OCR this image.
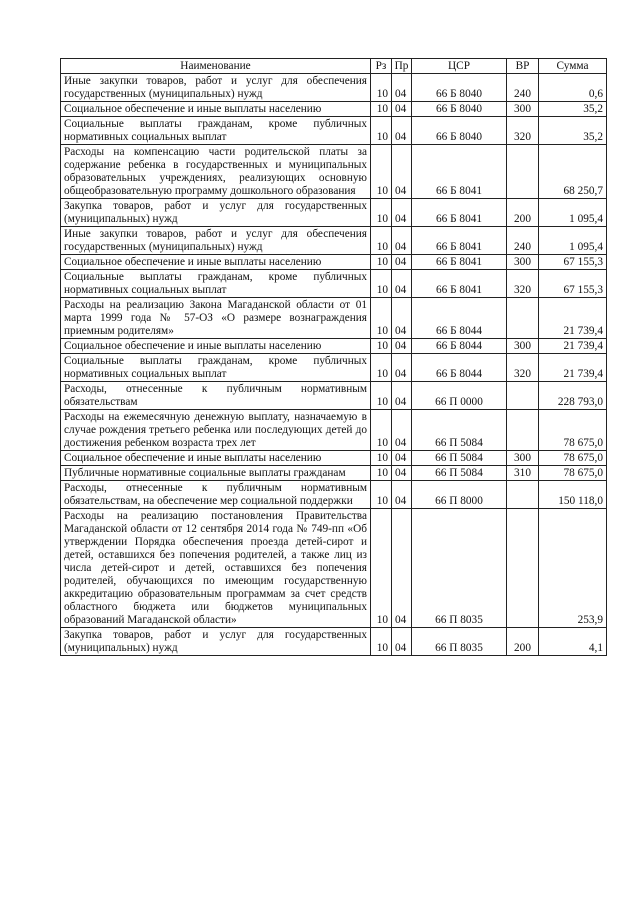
Наименование	Рз	Пр	ЦСР	ВР	Сумма
Иные закупки товаров, работ и услуг для обеспечения государственных (муниципальных) нужд	10	04	66 Б 8040	240	0,6
Социальное обеспечение и иные выплаты населению	10	04	66 Б 8040	300	35,2
Социальные выплаты гражданам, кроме публичных нормативных социальных выплат	10	04	66 Б 8040	320	35,2
Расходы на компенсацию части родительской платы за содержание ребенка в государственных и муниципальных образовательных учреждениях, реализующих основную общеобразовательную программу дошкольного образования	10	04	66 Б 8041		68 250,7
Закупка товаров, работ и услуг для государственных (муниципальных) нужд	10	04	66 Б 8041	200	1 095,4
Иные закупки товаров, работ и услуг для обеспечения государственных (муниципальных) нужд	10	04	66 Б 8041	240	1 095,4
Социальное обеспечение и иные выплаты населению	10	04	66 Б 8041	300	67 155,3
Социальные выплаты гражданам, кроме публичных нормативных социальных выплат	10	04	66 Б 8041	320	67 155,3
Расходы на реализацию Закона Магаданской области от 01 марта 1999 года № 57-ОЗ «О размере вознаграждения приемным родителям»	10	04	66 Б 8044		21 739,4
Социальное обеспечение и иные выплаты населению	10	04	66 Б 8044	300	21 739,4
Социальные выплаты гражданам, кроме публичных нормативных социальных выплат	10	04	66 Б 8044	320	21 739,4
Расходы, отнесенные к публичным нормативным обязательствам	10	04	66 П 0000		228 793,0
Расходы на ежемесячную денежную выплату, назначаемую в случае рождения третьего ребенка или последующих детей до достижения ребенком возраста трех лет	10	04	66 П 5084		78 675,0
Социальное обеспечение и иные выплаты населению	10	04	66 П 5084	300	78 675,0
Публичные нормативные социальные выплаты гражданам	10	04	66 П 5084	310	78 675,0
Расходы, отнесенные к публичным нормативным обязательствам, на обеспечение мер социальной поддержки	10	04	66 П 8000		150 118,0
Расходы на реализацию постановления Правительства Магаданской области от 12 сентября 2014 года № 749-пп «Об утверждении Порядка обеспечения проезда детей-сирот и детей, оставшихся без попечения родителей, а также лиц из числа детей-сирот и детей, оставшихся без попечения родителей, обучающихся по имеющим государственную аккредитацию образовательным программам за счет средств областного бюджета или бюджетов муниципальных образований Магаданской области»	10	04	66 П 8035		253,9
Закупка товаров, работ и услуг для государственных (муниципальных) нужд	10	04	66 П 8035	200	4,1
